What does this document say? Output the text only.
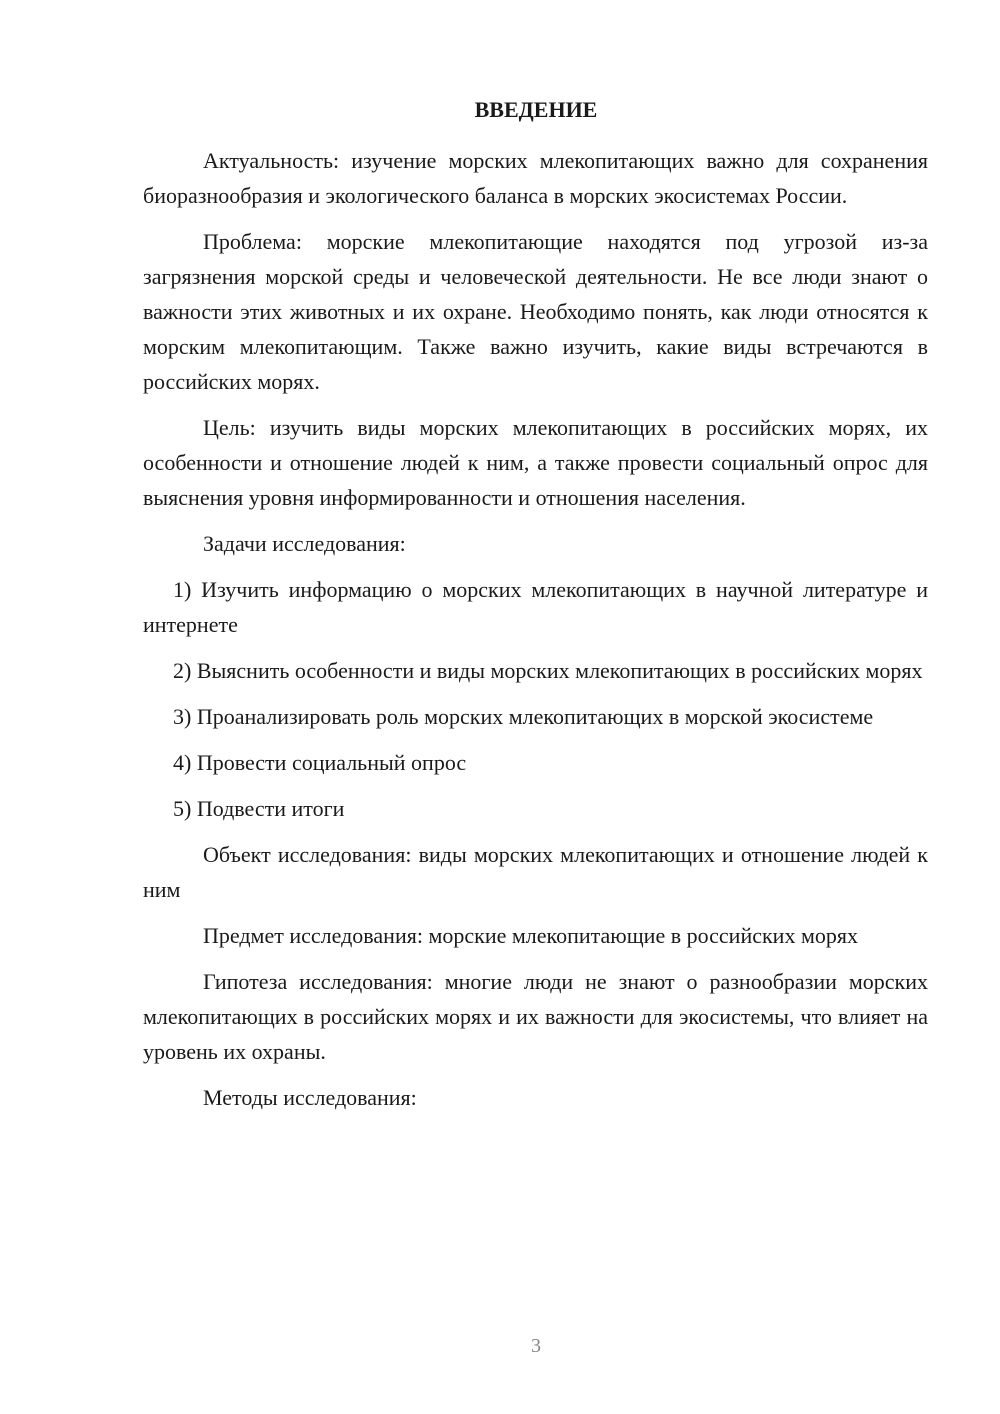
ВВЕДЕНИЕ

Актуальность: изучение морских млекопитающих важно для сохранения биоразнообразия и экологического баланса в морских экосистемах России.

Проблема: морские млекопитающие находятся под угрозой из-за загрязнения морской среды и человеческой деятельности. Не все люди знают о важности этих животных и их охране. Необходимо понять, как люди относятся к морским млекопитающим. Также важно изучить, какие виды встречаются в российских морях.

Цель: изучить виды морских млекопитающих в российских морях, их особенности и отношение людей к ним, а также провести социальный опрос для выяснения уровня информированности и отношения населения.

Задачи исследования:

1) Изучить информацию о морских млекопитающих в научной литературе и интернете

2) Выяснить особенности и виды морских млекопитающих в российских морях

3) Проанализировать роль морских млекопитающих в морской экосистеме

4) Провести социальный опрос

5) Подвести итоги

Объект исследования: виды морских млекопитающих и отношение людей к ним

Предмет исследования: морские млекопитающие в российских морях

Гипотеза исследования: многие люди не знают о разнообразии морских млекопитающих в российских морях и их важности для экосистемы, что влияет на уровень их охраны.

Методы исследования:

3
